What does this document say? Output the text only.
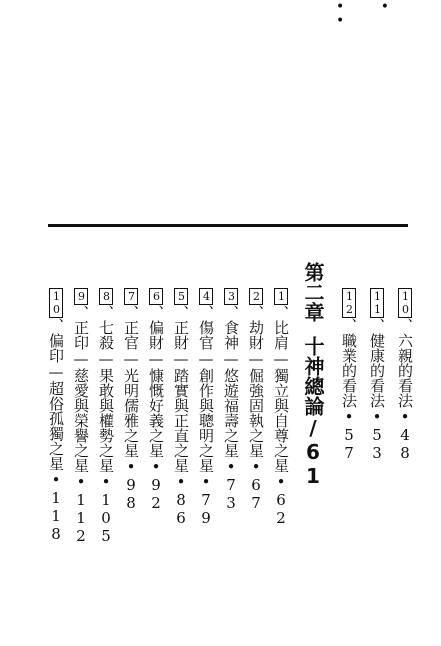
• • •
10、六親的看法•48
11、健康的看法•53
12、職業的看法•57
第二章十神總論/61
1、比肩—獨立與自尊之星•62
2、劫財—倔強固執之星•67
3、食神—悠遊福壽之星•73
4、傷官—創作與聰明之星•79
5、正財—踏實與正直之星•86
6、偏財—慷慨好義之星•92
7、正官—光明儒雅之星•98
8、七殺—果敢與權勢之星•105
9、正印—慈愛與榮譽之星•112
10、偏印—超俗孤獨之星•118
